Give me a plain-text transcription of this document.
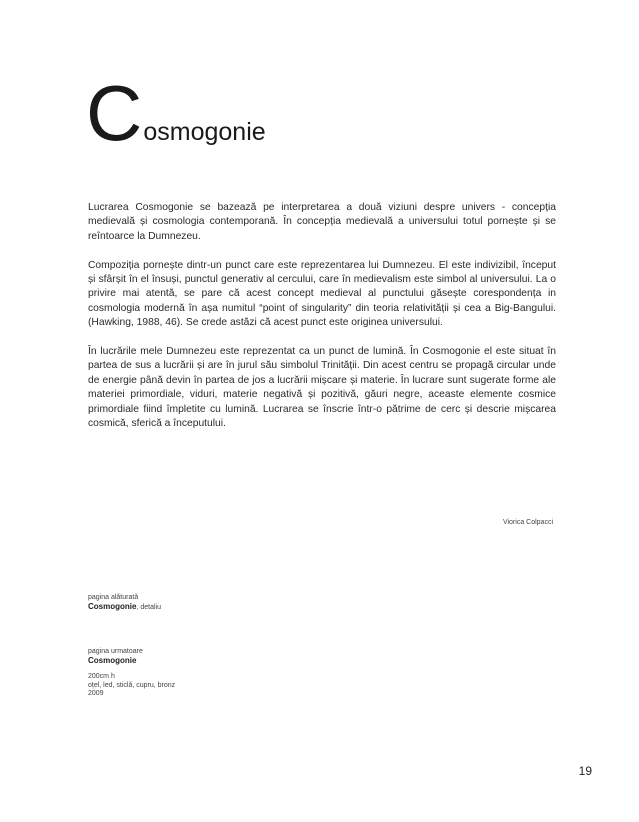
C osmogonie

Lucrarea Cosmogonie se bazează pe interpretarea a două viziuni despre univers - concepția medievală și cosmologia contemporană. În concepția medievală a universului totul pornește și se reîntoarce la Dumnezeu.

Compoziția pornește dintr-un punct care este reprezentarea lui Dumnezeu. El este indivizibil, început și sfârșit în el însuși, punctul generativ al cercului, care în medievalism este simbol al universului. La o privire mai atentă, se pare că acest concept medieval al punctului găsește corespondența in cosmologia modernă în așa numitul “point of singularity” din teoria relativității și cea a Big-Bangului. (Hawking, 1988, 46). Se crede astăzi că acest punct este originea universului.

În lucrările mele Dumnezeu este reprezentat ca un punct de lumină. În Cosmogonie el este situat în partea de sus a lucrării și are în jurul său simbolul Trinității. Din acest centru se propagă circular unde de energie până devin în partea de jos a lucrării mișcare și materie. În lucrare sunt sugerate forme ale materiei primordiale, viduri, materie negativă și pozitivă, găuri negre, aceaste elemente cosmice primordiale fiind împletite cu lumină. Lucrarea se înscrie într-o pătrime de cerc și descrie mișcarea cosmică, sferică a începutului.

Viorica Colpacci
pagina alăturată
Cosmogonie, detaliu
pagina urmatoare
Cosmogonie
200cm h
oțel, led, sticlă, cupru, bronz
2009
19
